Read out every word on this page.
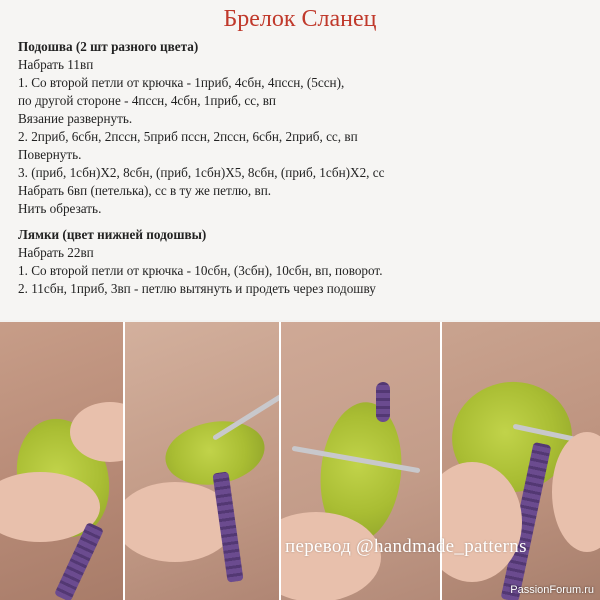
Брелок Сланец
Подошва (2 шт разного цвета)
Набрать 11вп
1. Со второй петли от крючка - 1приб, 4сбн, 4пссн, (5ссн),
по другой стороне - 4пссн, 4сбн, 1приб, сс, вп
Вязание развернуть.
2. 2приб, 6сбн, 2пссн, 5приб пссн, 2пссн, 6сбн, 2приб, сс, вп
Повернуть.
3. (приб, 1сбн)X2, 8сбн, (приб, 1сбн)X5, 8сбн, (приб, 1сбн)X2, сс
Набрать 6вп (петелька), сс в ту же петлю, вп.
Нить обрезать.
Лямки (цвет нижней подошвы)
Набрать 22вп
1. Со второй петли от крючка - 10сбн, (3сбн), 10сбн, вп, поворот.
2. 11сбн, 1приб, 3вп - петлю вытянуть и продеть через подошву
перевод @handmade_patterns
PassionForum.ru
